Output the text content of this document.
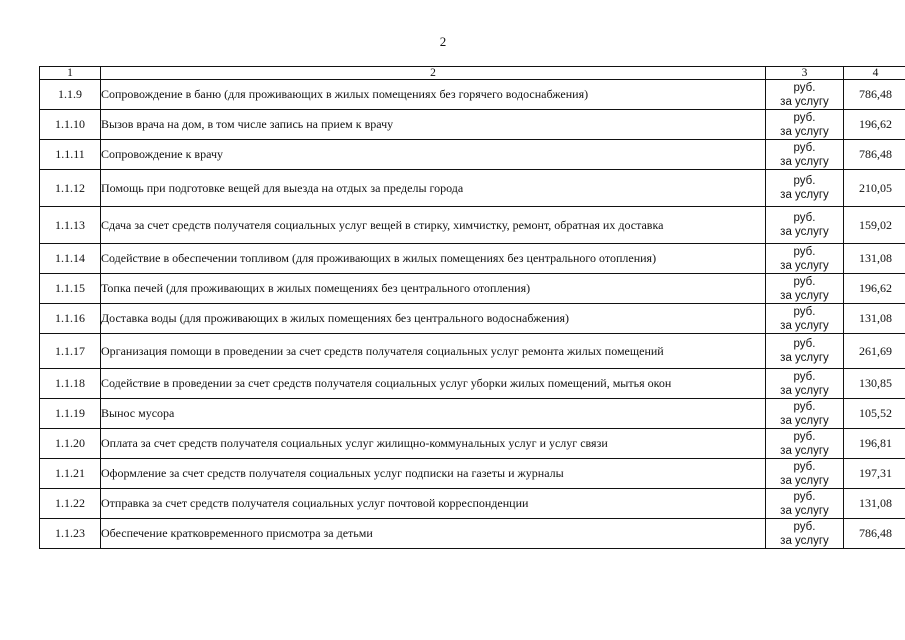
2
1	2	3	4
1.1.9	Сопровождение в баню (для проживающих в жилых помещениях без горячего водоснабжения)	руб.
за услугу	786,48
1.1.10	Вызов врача на дом, в том числе запись на прием к врачу	руб.
за услугу	196,62
1.1.11	Сопровождение к врачу	руб.
за услугу	786,48
1.1.12	Помощь при подготовке вещей для выезда на отдых за пределы города	руб.
за услугу	210,05
1.1.13	Сдача за счет средств получателя социальных услуг вещей в стирку, химчистку, ремонт, обратная их доставка	руб.
за услугу	159,02
1.1.14	Содействие в обеспечении топливом (для проживающих в жилых помещениях без центрального отопления)	руб.
за услугу	131,08
1.1.15	Топка печей (для проживающих в жилых помещениях без центрального отопления)	руб.
за услугу	196,62
1.1.16	Доставка воды (для проживающих в жилых помещениях без центрального водоснабжения)	руб.
за услугу	131,08
1.1.17	Организация помощи в проведении за счет средств получателя социальных услуг ремонта жилых помещений	руб.
за услугу	261,69
1.1.18	Содействие в проведении за счет средств получателя социальных услуг уборки жилых помещений, мытья окон	руб.
за услугу	130,85
1.1.19	Вынос мусора	руб.
за услугу	105,52
1.1.20	Оплата за счет средств получателя социальных услуг жилищно-коммунальных услуг и услуг связи	руб.
за услугу	196,81
1.1.21	Оформление за счет средств получателя социальных услуг подписки на газеты и журналы	руб.
за услугу	197,31
1.1.22	Отправка за счет средств получателя социальных услуг почтовой корреспонденции	руб.
за услугу	131,08
1.1.23	Обеспечение кратковременного присмотра за детьми	руб.
за услугу	786,48
